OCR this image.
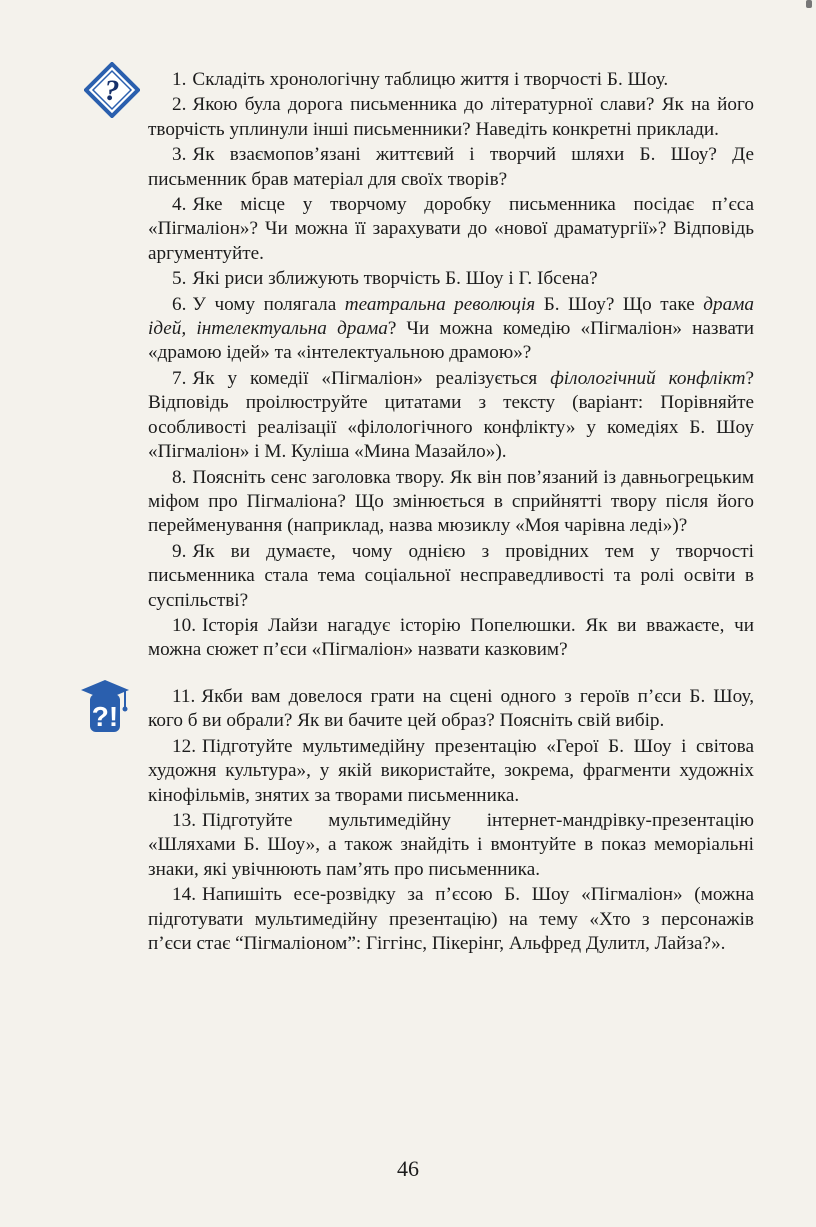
?	1. Складіть хронологічну таблицю життя і творчості Б. Шоу.

2. Якою була дорога письменника до літературної слави? Як на його творчість уплинули інші письменники? Наведіть конкретні приклади.

3. Як взаємопов’язані життєвий і творчий шляхи Б. Шоу? Де письменник брав матеріал для своїх творів?

4. Яке місце у творчому доробку письменника посідає п’єса «Пігмаліон»? Чи можна її зарахувати до «нової драматургії»? Відповідь аргументуйте.

5. Які риси зближують творчість Б. Шоу і Г. Ібсена?

6. У чому полягала театральна революція Б. Шоу? Що таке драма ідей, інтелектуальна драма? Чи можна комедію «Пігмаліон» назвати «драмою ідей» та «інтелектуальною драмою»?

7. Як у комедії «Пігмаліон» реалізується філологічний конфлікт? Відповідь проілюструйте цитатами з тексту (варіант: Порівняйте особливості реалізації «філологічного конфлікту» у комедіях Б. Шоу «Пігмаліон» і М. Куліша «Мина Мазайло»).

8. Поясніть сенс заголовка твору. Як він пов’язаний із давньогрецьким міфом про Пігмаліона? Що змінюється в сприйнятті твору після його перейменування (наприклад, назва мюзиклу «Моя чарівна леді»)?

9. Як ви думаєте, чому однією з провідних тем у творчості письменника стала тема соціальної несправедливості та ролі освіти в суспільстві?

10. Історія Лайзи нагадує історію Попелюшки. Як ви вважаєте, чи можна сюжет п’єси «Пігмаліон» назвати казковим?

?!

11. Якби вам довелося грати на сцені одного з героїв п’єси Б. Шоу, кого б ви обрали? Як ви бачите цей образ? Поясніть свій вибір.

12. Підготуйте мультимедійну презентацію «Герої Б. Шоу і світова художня культура», у якій використайте, зокрема, фрагменти художніх кінофільмів, знятих за творами письменника.

13. Підготуйте мультимедійну інтернет-мандрівку-презентацію «Шляхами Б. Шоу», а також знайдіть і вмонтуйте в показ меморіальні знаки, які увічнюють пам’ять про письменника.

14. Напишіть есе-розвідку за п’єсою Б. Шоу «Пігмаліон» (можна підготувати мультимедійну презентацію) на тему «Хто з персонажів п’єси стає “Пігмаліоном”: Гіггінс, Пікерінг, Альфред Дулитл, Лайза?».

46
